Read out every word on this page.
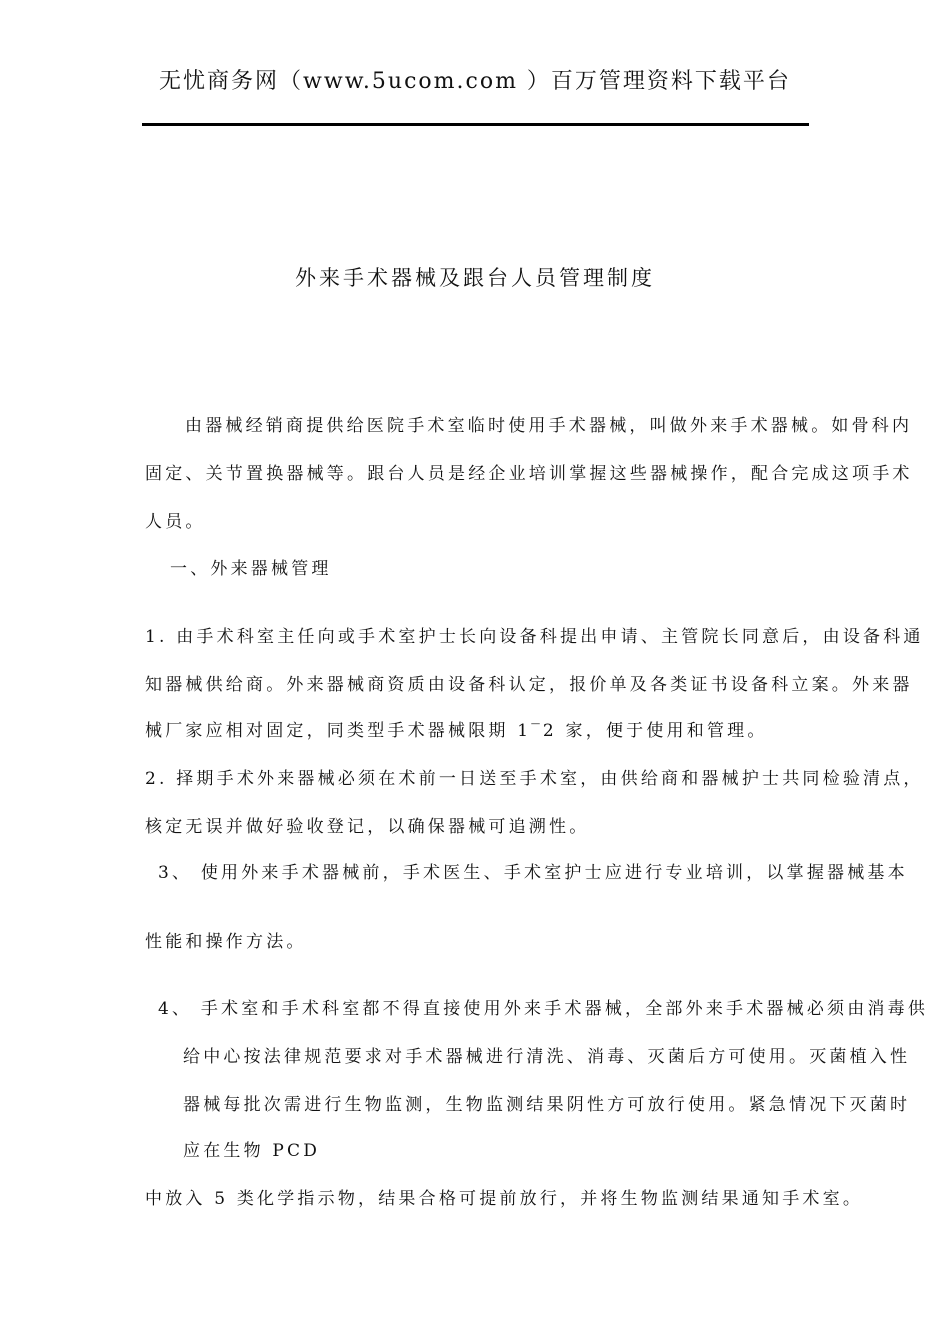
无忧商务网（www.5ucom.com ）百万管理资料下载平台
外来手术器械及跟台人员管理制度
由器械经销商提供给医院手术室临时使用手术器械，叫做外来手术器械。如骨科内
固定、关节置换器械等。跟台人员是经企业培训掌握这些器械操作，配合完成这项手术
人员。
一、外来器械管理
1. 由手术科室主任向或手术室护士长向设备科提出申请、主管院长同意后，由设备科通
知器械供给商。外来器械商资质由设备科认定，报价单及各类证书设备科立案。外来器
械厂家应相对固定，同类型手术器械限期 1‾2 家，便于使用和管理。
2. 择期手术外来器械必须在术前一日送至手术室，由供给商和器械护士共同检验清点，
核定无误并做好验收登记，以确保器械可追溯性。
3、 使用外来手术器械前，手术医生、手术室护士应进行专业培训，以掌握器械基本
性能和操作方法。
4、 手术室和手术科室都不得直接使用外来手术器械，全部外来手术器械必须由消毒供
给中心按法律规范要求对手术器械进行清洗、消毒、灭菌后方可使用。灭菌植入性
器械每批次需进行生物监测，生物监测结果阴性方可放行使用。紧急情况下灭菌时
应在生物 PCD
中放入 5 类化学指示物，结果合格可提前放行，并将生物监测结果通知手术室。
